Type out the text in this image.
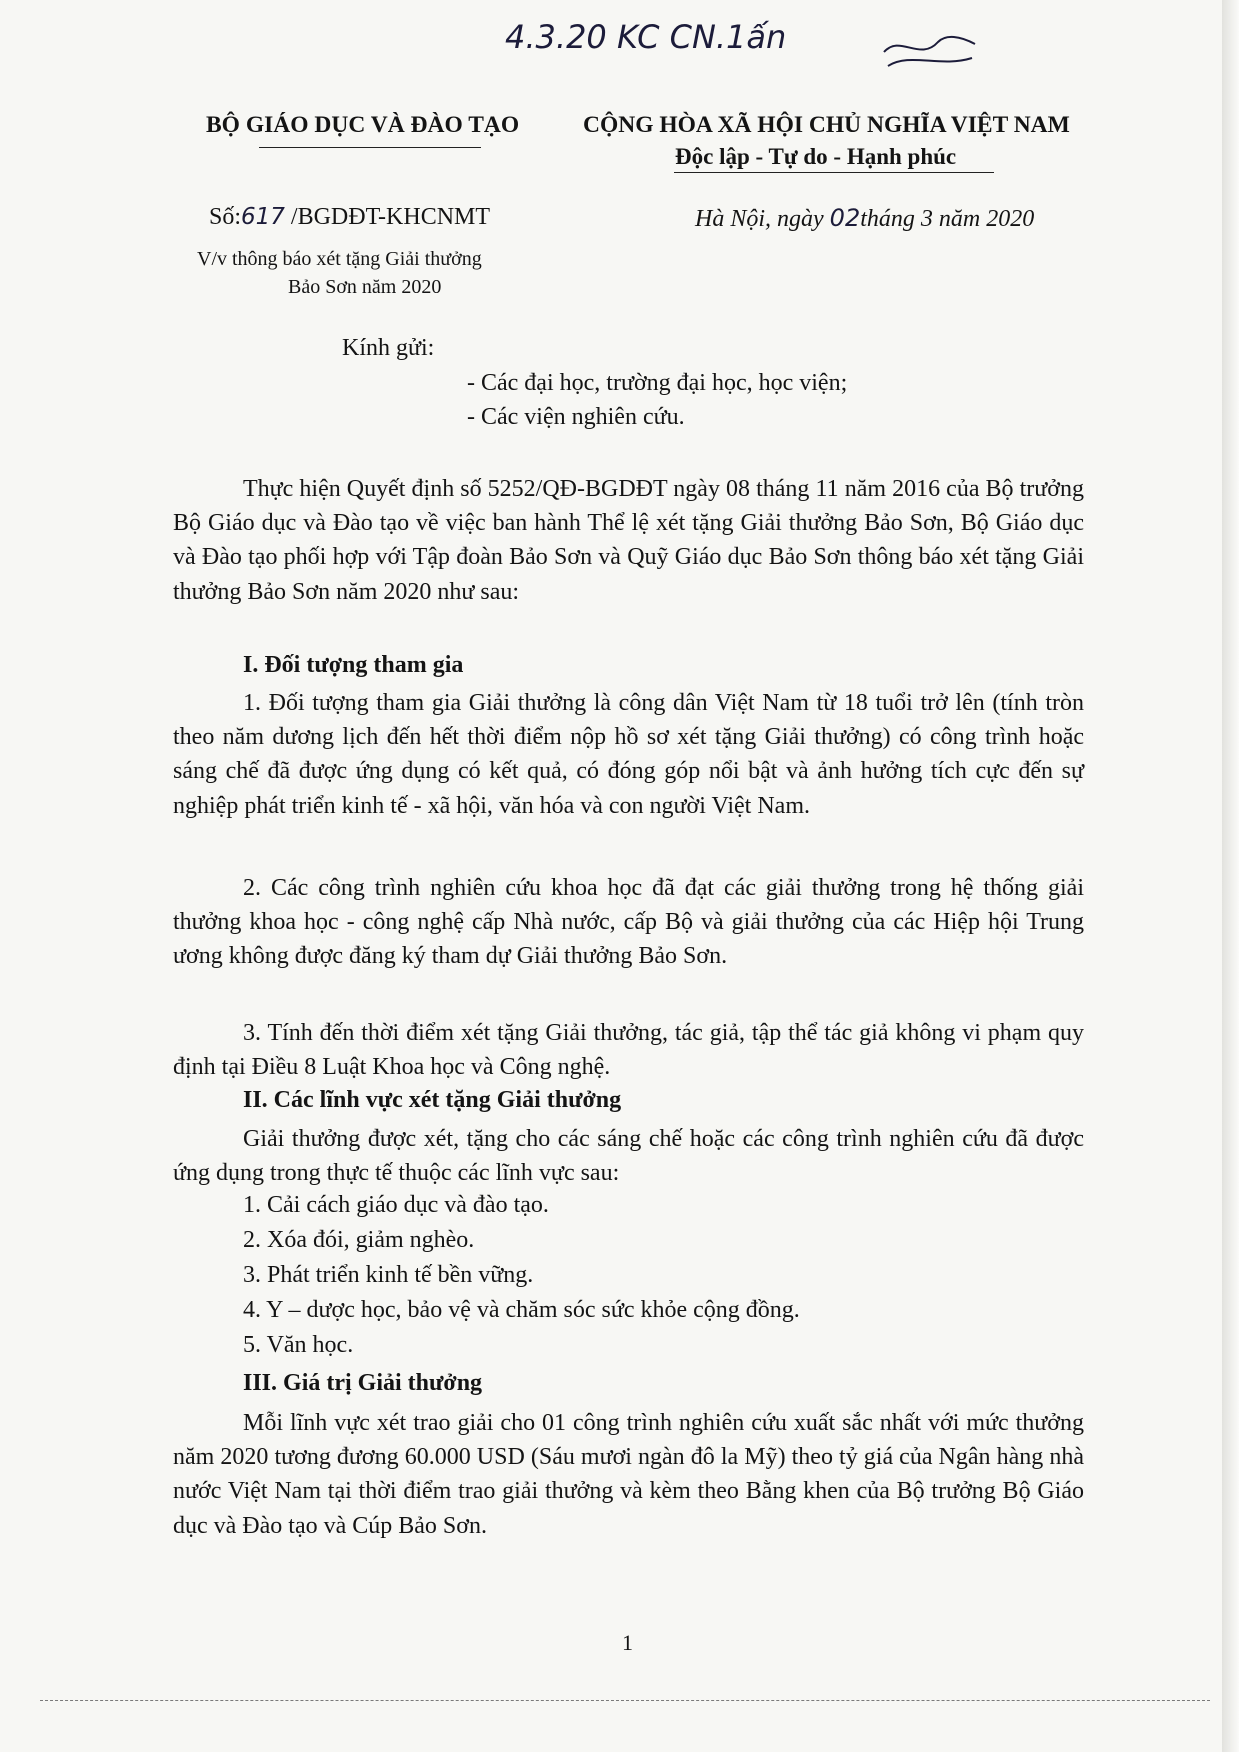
4.3.20 KC CN.1ấn
BỘ GIÁO DỤC VÀ ĐÀO TẠO	CỘNG HÒA XÃ HỘI CHỦ NGHĨA VIỆT NAM
Độc lập - Tự do - Hạnh phúc
Số:617 /BGDĐT-KHCNMT	Hà Nội, ngày 02tháng 3 năm 2020
V/v thông báo xét tặng Giải thưởng
Bảo Sơn năm 2020
Kính gửi:
- Các đại học, trường đại học, học viện;
- Các viện nghiên cứu.
Thực hiện Quyết định số 5252/QĐ-BGDĐT ngày 08 tháng 11 năm 2016 của Bộ trưởng Bộ Giáo dục và Đào tạo về việc ban hành Thể lệ xét tặng Giải thưởng Bảo Sơn, Bộ Giáo dục và Đào tạo phối hợp với Tập đoàn Bảo Sơn và Quỹ Giáo dục Bảo Sơn thông báo xét tặng Giải thưởng Bảo Sơn năm 2020 như sau:
I. Đối tượng tham gia
1. Đối tượng tham gia Giải thưởng là công dân Việt Nam từ 18 tuổi trở lên (tính tròn theo năm dương lịch đến hết thời điểm nộp hồ sơ xét tặng Giải thưởng) có công trình hoặc sáng chế đã được ứng dụng có kết quả, có đóng góp nổi bật và ảnh hưởng tích cực đến sự nghiệp phát triển kinh tế - xã hội, văn hóa và con người Việt Nam.
2. Các công trình nghiên cứu khoa học đã đạt các giải thưởng trong hệ thống giải thưởng khoa học - công nghệ cấp Nhà nước, cấp Bộ và giải thưởng của các Hiệp hội Trung ương không được đăng ký tham dự Giải thưởng Bảo Sơn.
3. Tính đến thời điểm xét tặng Giải thưởng, tác giả, tập thể tác giả không vi phạm quy định tại Điều 8 Luật Khoa học và Công nghệ.
II. Các lĩnh vực xét tặng Giải thưởng
Giải thưởng được xét, tặng cho các sáng chế hoặc các công trình nghiên cứu đã được ứng dụng trong thực tế thuộc các lĩnh vực sau:
1. Cải cách giáo dục và đào tạo.
2. Xóa đói, giảm nghèo.
3. Phát triển kinh tế bền vững.
4. Y – dược học, bảo vệ và chăm sóc sức khỏe cộng đồng.
5. Văn học.
III. Giá trị Giải thưởng
Mỗi lĩnh vực xét trao giải cho 01 công trình nghiên cứu xuất sắc nhất với mức thưởng năm 2020 tương đương 60.000 USD (Sáu mươi ngàn đô la Mỹ) theo tỷ giá của Ngân hàng nhà nước Việt Nam tại thời điểm trao giải thưởng và kèm theo Bằng khen của Bộ trưởng Bộ Giáo dục và Đào tạo và Cúp Bảo Sơn.
1
